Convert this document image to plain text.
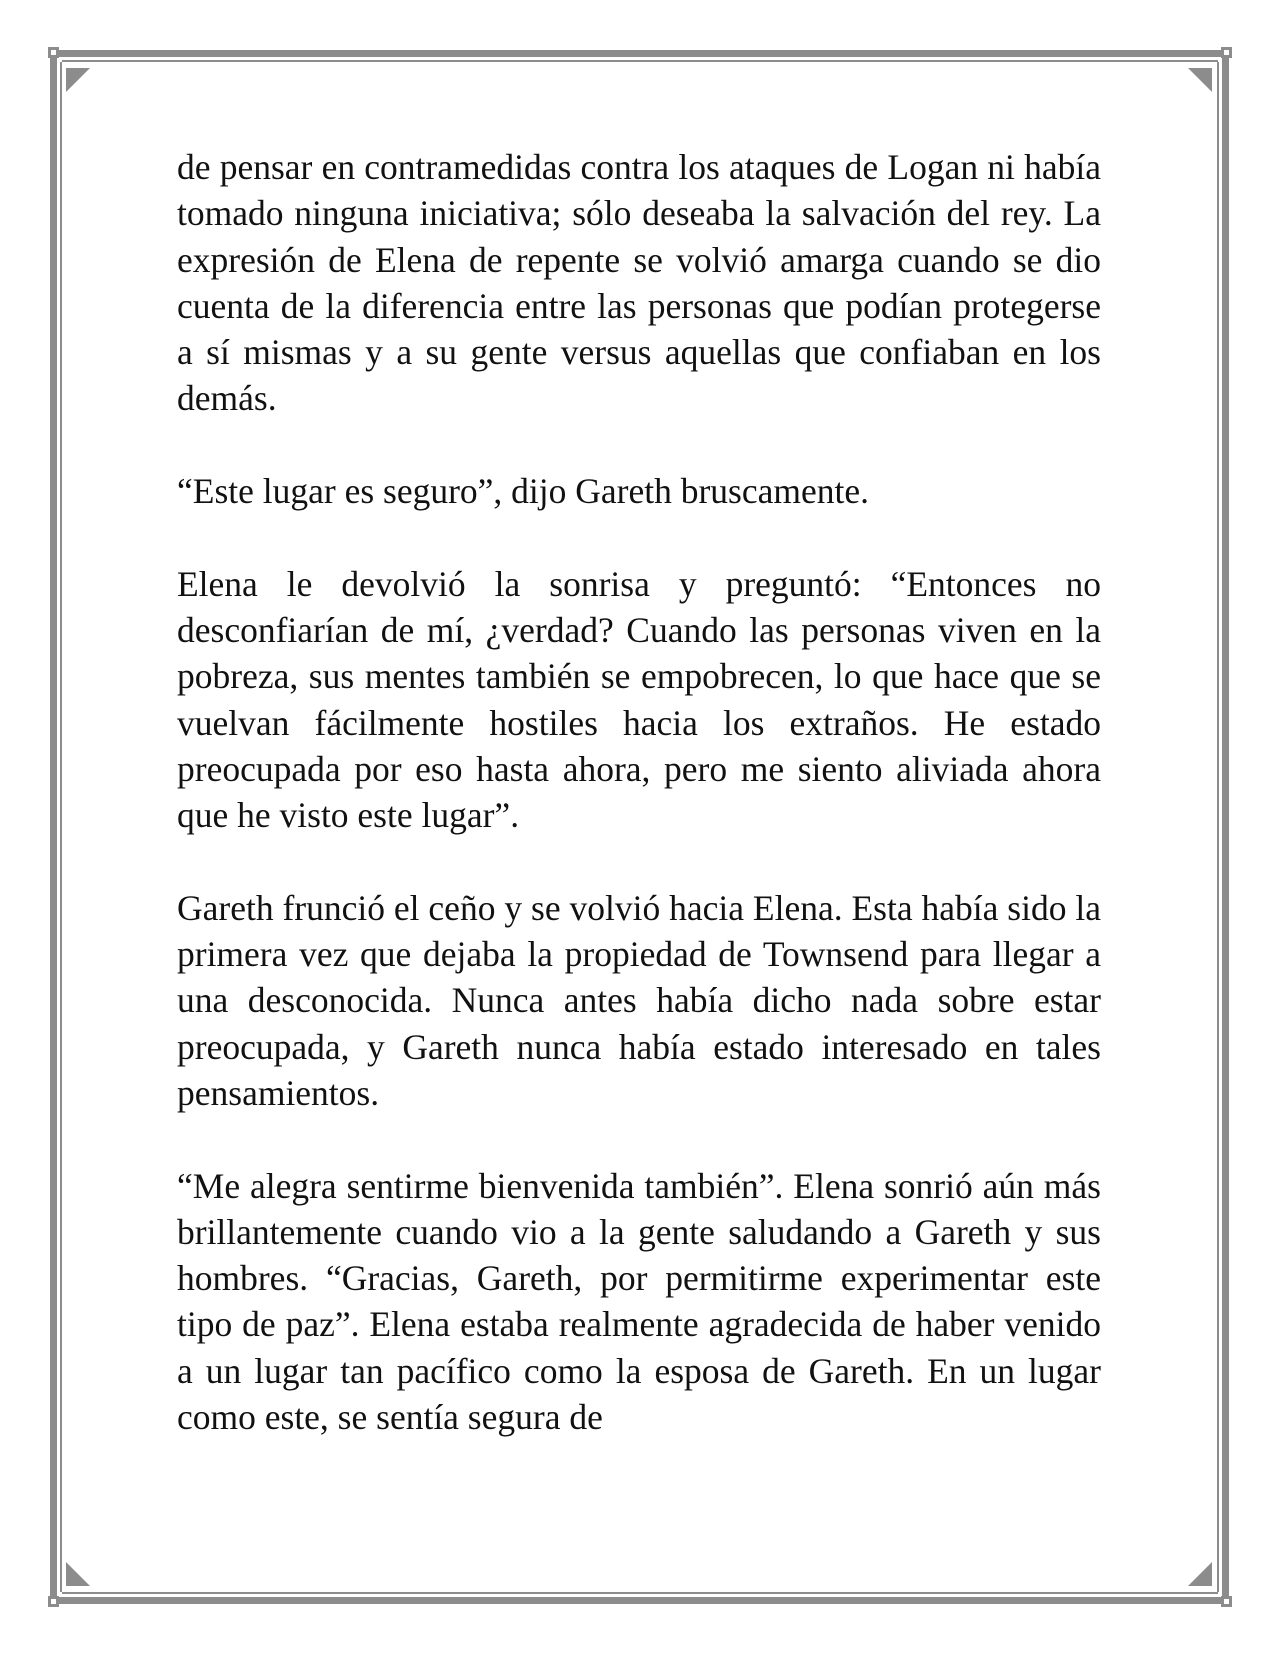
de pensar en contramedidas contra los ataques de Logan ni había tomado ninguna iniciativa; sólo deseaba la salvación del rey. La expresión de Elena de repente se volvió amarga cuando se dio cuenta de la diferencia entre las personas que podían protegerse a sí mismas y a su gente versus aquellas que confiaban en los demás.

“Este lugar es seguro”, dijo Gareth bruscamente.

Elena le devolvió la sonrisa y preguntó: “Entonces no desconfiarían de mí, ¿verdad? Cuando las personas viven en la pobreza, sus mentes también se empobrecen, lo que hace que se vuelvan fácilmente hostiles hacia los extraños. He estado preocupada por eso hasta ahora, pero me siento aliviada ahora que he visto este lugar”.

Gareth frunció el ceño y se volvió hacia Elena. Esta había sido la primera vez que dejaba la propiedad de Townsend para llegar a una desconocida. Nunca antes había dicho nada sobre estar preocupada, y Gareth nunca había estado interesado en tales pensamientos.

“Me alegra sentirme bienvenida también”. Elena sonrió aún más brillantemente cuando vio a la gente saludando a Gareth y sus hombres. “Gracias, Gareth, por permitirme experimentar este tipo de paz”. Elena estaba realmente agradecida de haber venido a un lugar tan pacífico como la esposa de Gareth. En un lugar como este, se sentía segura de
